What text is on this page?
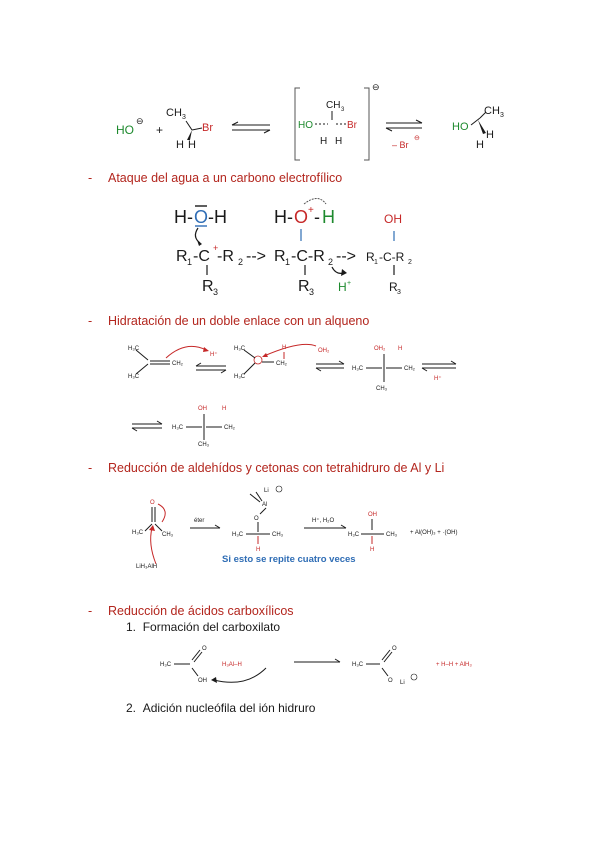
HO
⊖
+
CH 3
Br
H H
⊖
CH 3
HO	Br
H H	– Br
⊖
HO
CH 3
H
H
- Ataque del agua a un carbono electrofílico
H- O -H
R 1 -C +
-R 2 -->
R 3
H- O + - H
R 1 -C-R 2 -->
R 3 H +
OH
R 1 -C-R 2
R 3
- Hidratación de un doble enlace con un alqueno
H₃C
H₃C
CH₂
H⁺
H₃C
H₃C
CH₂
H	OH₂
H₃C	CH₂
OH₂ H
CH₃
H⁺
H₃C	CH₂
OH	H
CH₃
- Reducción de aldehídos y cetonas con tetrahidruro de Al y Li
O
H₃C	CH₃
LiH₃AlH
éter
Li
Al
O
H₃C	CH₃
H
H⁺, H₂O
OH
H₃C	CH₃
H
+ Al(OH)₃ + ·(OH)
Si esto se repite cuatro veces
- Reducción de ácidos carboxílicos
1. Formación del carboxilato
H₃C
O
OH
H₃Al–H	H₃C
O
O Li
+ H–H + AlH₃
2. Adición nucleófila del ión hidruro
